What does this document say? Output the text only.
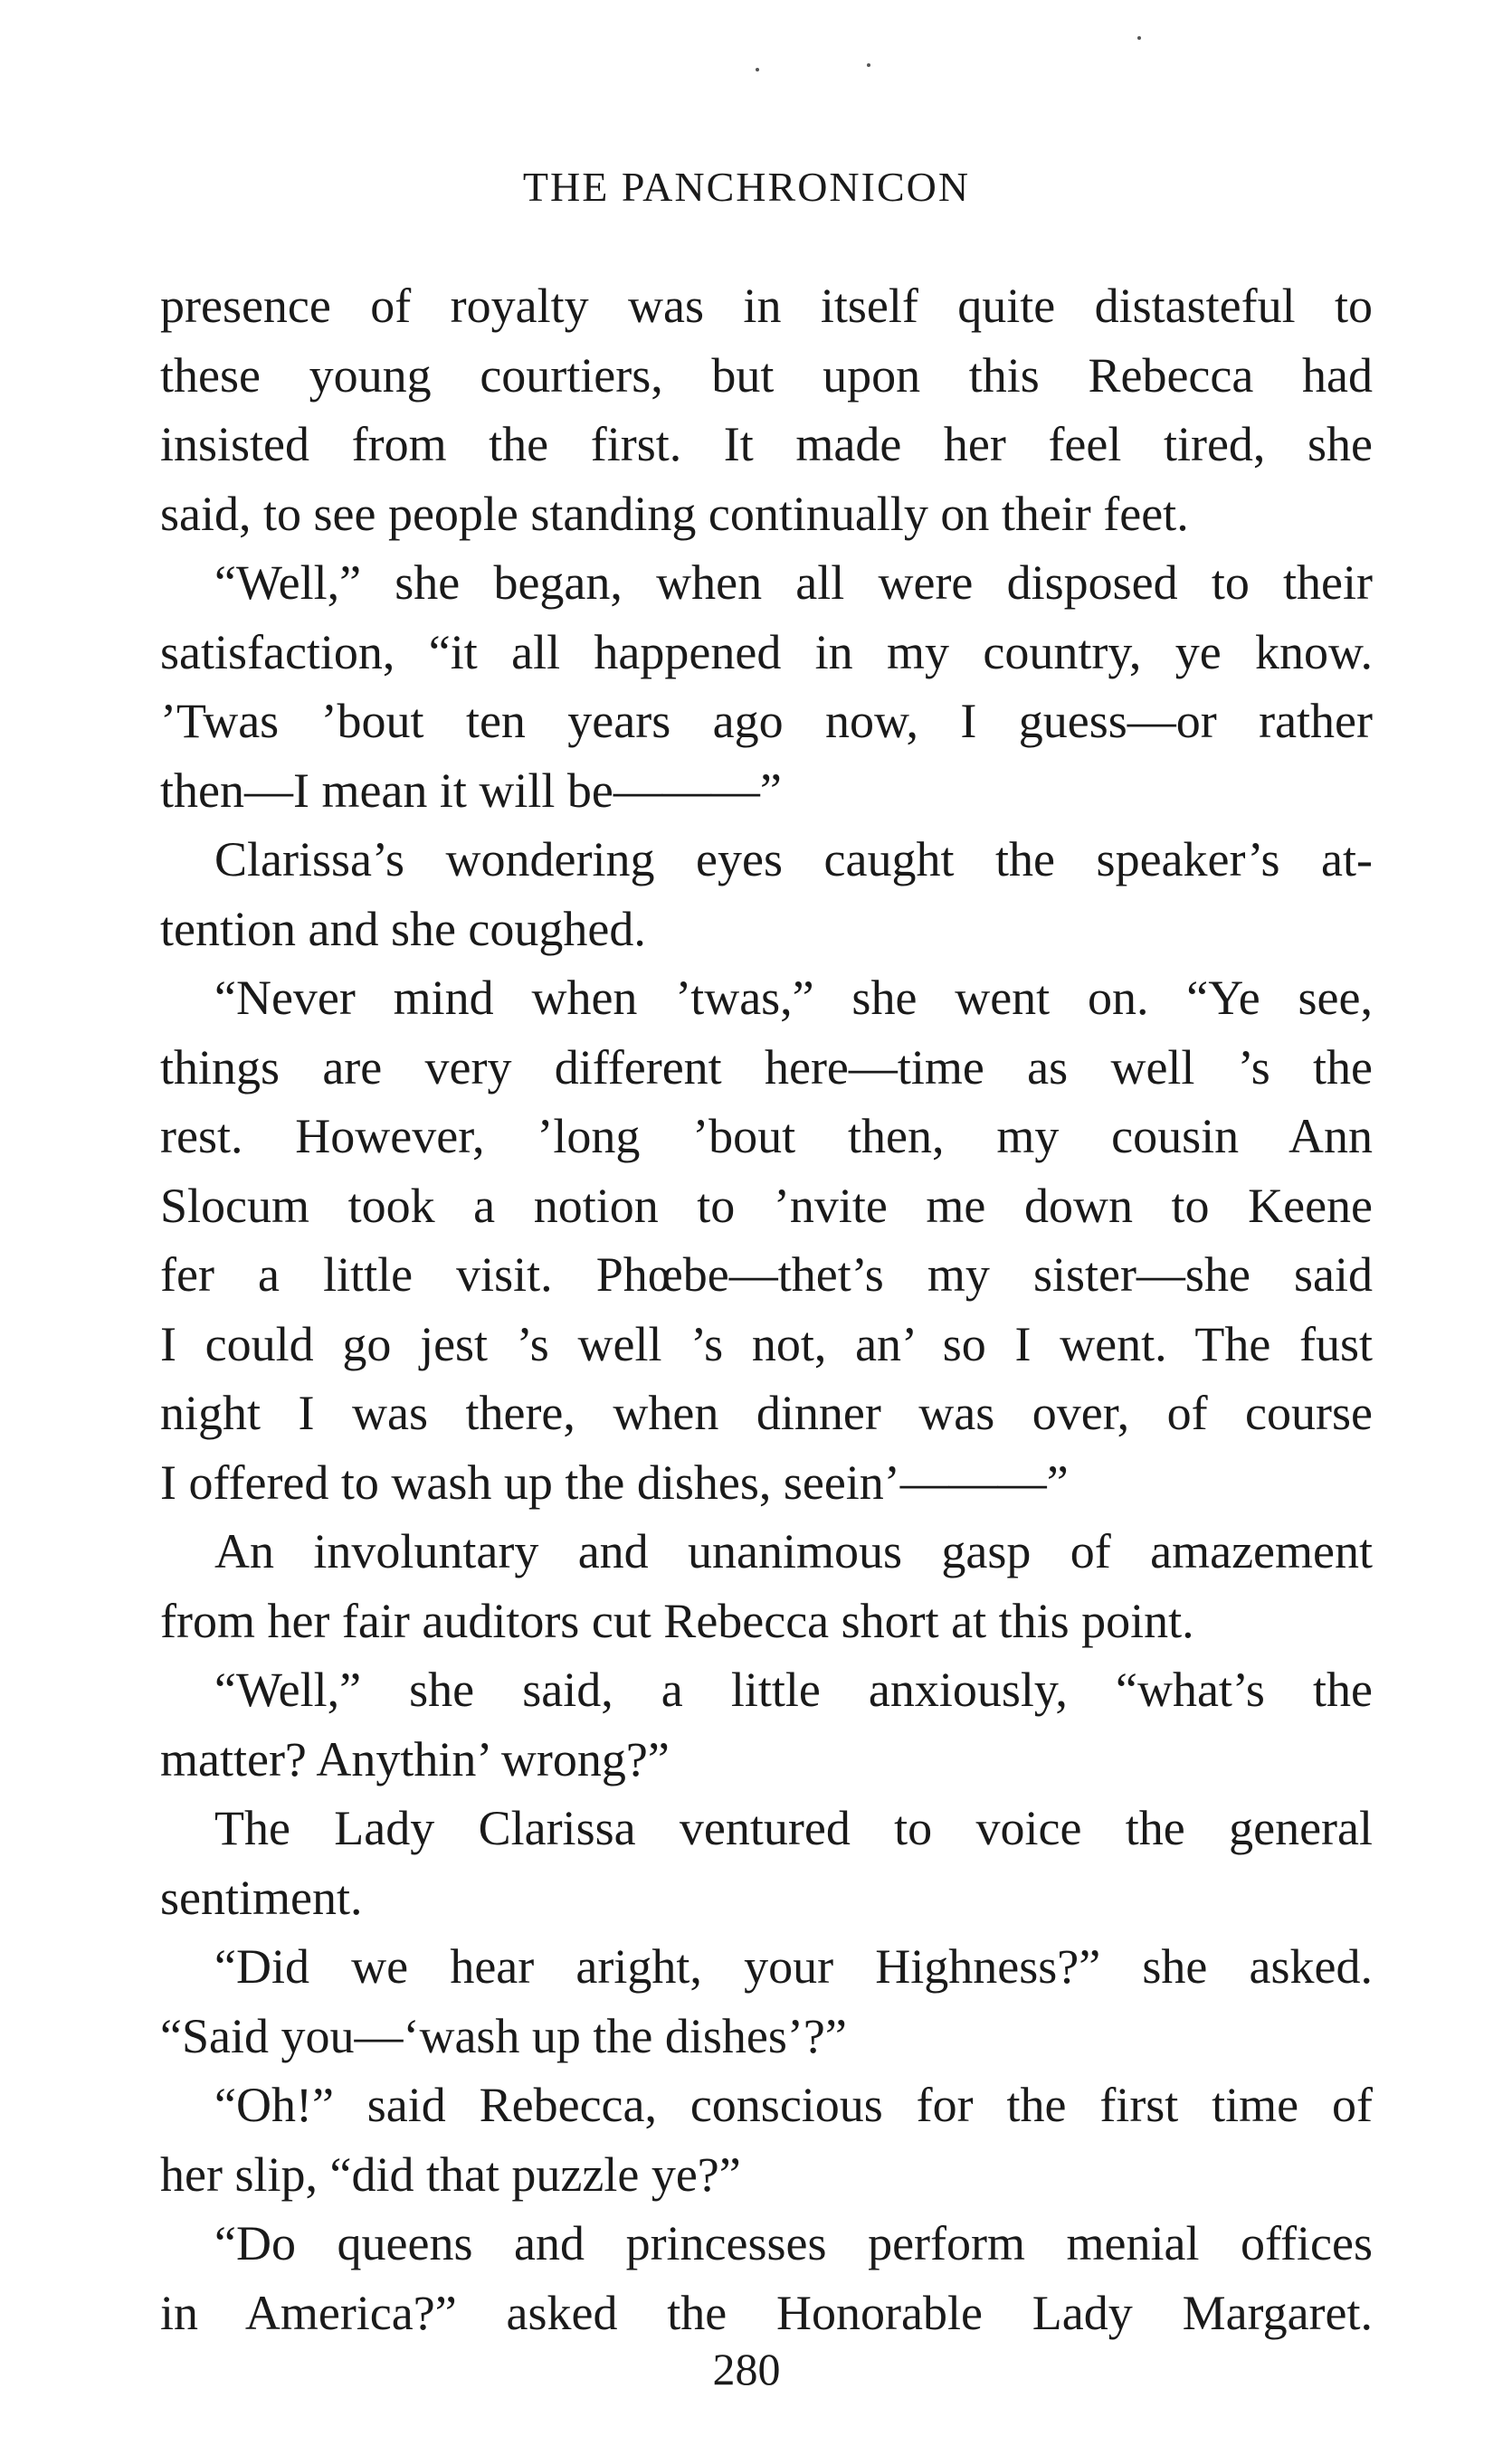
THE PANCHRONICON

presence of royalty was in itself quite distasteful to
these young courtiers, but upon this Rebecca had
insisted from the first. It made her feel tired, she
said, to see people standing continually on their feet.

“Well,” she began, when all were disposed to their
satisfaction, “it all happened in my country, ye know.
’Twas ’bout ten years ago now, I guess—or rather
then—I mean it will be———”

Clarissa’s wondering eyes caught the speaker’s at-
tention and she coughed.

“Never mind when ’twas,” she went on. “Ye see,
things are very different here—time as well ’s the
rest. However, ’long ’bout then, my cousin Ann
Slocum took a notion to ’nvite me down to Keene
fer a little visit. Phœbe—thet’s my sister—she said
I could go jest ’s well ’s not, an’ so I went. The fust
night I was there, when dinner was over, of course
I offered to wash up the dishes, seein’———”

An involuntary and unanimous gasp of amazement
from her fair auditors cut Rebecca short at this point.

“Well,” she said, a little anxiously, “what’s the
matter? Anythin’ wrong?”

The Lady Clarissa ventured to voice the general
sentiment.

“Did we hear aright, your Highness?” she asked.
“Said you—‘wash up the dishes’?”

“Oh!” said Rebecca, conscious for the first time of
her slip, “did that puzzle ye?”

“Do queens and princesses perform menial offices
in America?” asked the Honorable Lady Margaret.

280
